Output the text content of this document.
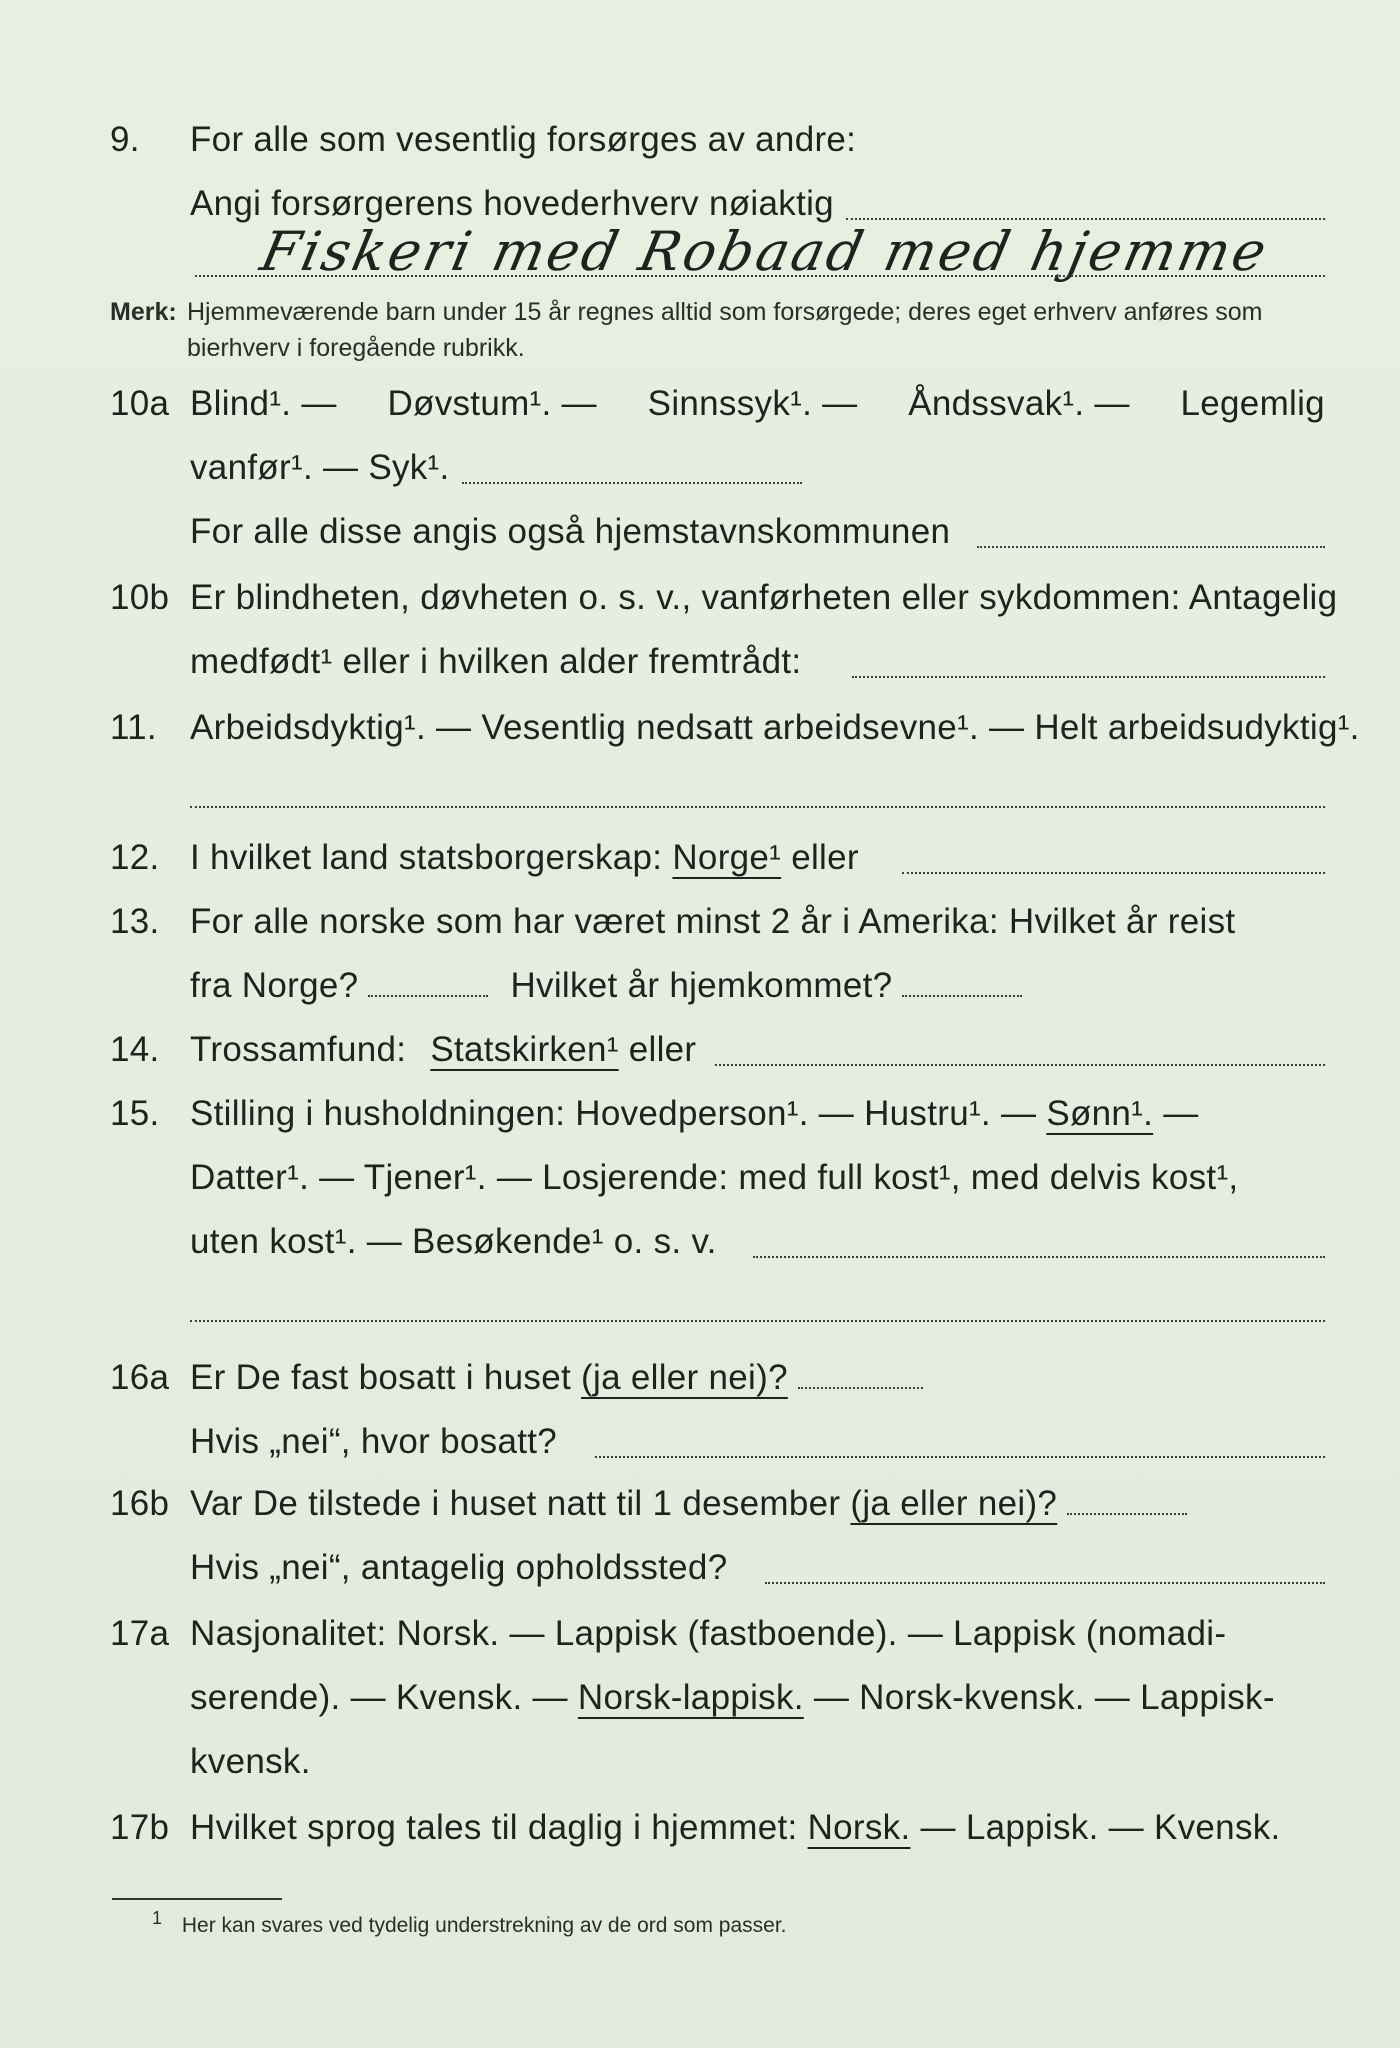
9.	For alle som vesentlig forsørges av andre:
Angi forsørgerens hovederhverv nøiaktig
Fiskeri med Robaad med hjemme
Merk: Hjemmeværende barn under 15 år regnes alltid som forsørgede; deres eget erhverv anføres som bierhverv i foregående rubrikk.
10a Blind¹. — Døvstum¹. — Sinnssyk¹. — Åndssvak¹. — Legemlig
vanfør¹. — Syk¹.
For alle disse angis også hjemstavnskommunen
10b Er blindheten, døvheten o. s. v., vanførheten eller sykdommen: Antagelig
medfødt¹ eller i hvilken alder fremtrådt:
11. Arbeidsdyktig¹. — Vesentlig nedsatt arbeidsevne¹. — Helt arbeidsudyktig¹.
12. I hvilket land statsborgerskap: Norge¹ eller
13. For alle norske som har været minst 2 år i Amerika: Hvilket år reist
fra Norge?	Hvilket år hjemkommet?
14. Trossamfund: Statskirken¹ eller
15. Stilling i husholdningen: Hovedperson¹. — Hustru¹. — Sønn¹. —
Datter¹. — Tjener¹. — Losjerende: med full kost¹, med delvis kost¹,
uten kost¹. — Besøkende¹ o. s. v.
16a Er De fast bosatt i huset (ja eller nei)?
Hvis „nei“, hvor bosatt?
16b Var De tilstede i huset natt til 1 desember (ja eller nei)?
Hvis „nei“, antagelig opholdssted?
17a Nasjonalitet: Norsk. — Lappisk (fastboende). — Lappisk (nomadi-
serende). — Kvensk. — Norsk-lappisk. — Norsk-kvensk. — Lappisk-
kvensk.
17b Hvilket sprog tales til daglig i hjemmet: Norsk. — Lappisk. — Kvensk.
$^1$ Her kan svares ved tydelig understrekning av de ord som passer.
